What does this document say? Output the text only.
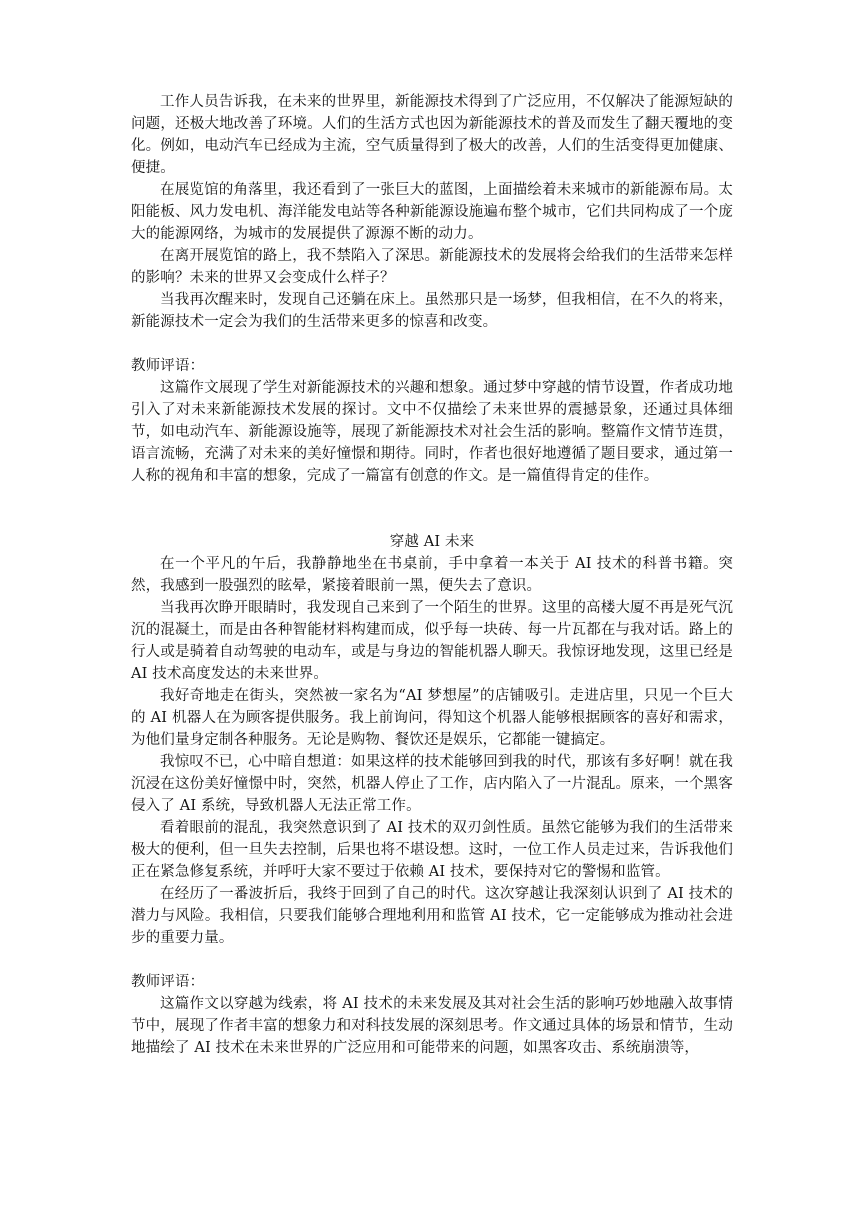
工作人员告诉我，在未来的世界里，新能源技术得到了广泛应用，不仅解决了能源短缺的问题，还极大地改善了环境。人们的生活方式也因为新能源技术的普及而发生了翻天覆地的变化。例如，电动汽车已经成为主流，空气质量得到了极大的改善，人们的生活变得更加健康、便捷。

在展览馆的角落里，我还看到了一张巨大的蓝图，上面描绘着未来城市的新能源布局。太阳能板、风力发电机、海洋能发电站等各种新能源设施遍布整个城市，它们共同构成了一个庞大的能源网络，为城市的发展提供了源源不断的动力。

在离开展览馆的路上，我不禁陷入了深思。新能源技术的发展将会给我们的生活带来怎样的影响？未来的世界又会变成什么样子？

当我再次醒来时，发现自己还躺在床上。虽然那只是一场梦，但我相信，在不久的将来，新能源技术一定会为我们的生活带来更多的惊喜和改变。

教师评语：

这篇作文展现了学生对新能源技术的兴趣和想象。通过梦中穿越的情节设置，作者成功地引入了对未来新能源技术发展的探讨。文中不仅描绘了未来世界的震撼景象，还通过具体细节，如电动汽车、新能源设施等，展现了新能源技术对社会生活的影响。整篇作文情节连贯，语言流畅，充满了对未来的美好憧憬和期待。同时，作者也很好地遵循了题目要求，通过第一人称的视角和丰富的想象，完成了一篇富有创意的作文。是一篇值得肯定的佳作。

穿越 AI 未来

在一个平凡的午后，我静静地坐在书桌前，手中拿着一本关于 AI 技术的科普书籍。突然，我感到一股强烈的眩晕，紧接着眼前一黑，便失去了意识。

当我再次睁开眼睛时，我发现自己来到了一个陌生的世界。这里的高楼大厦不再是死气沉沉的混凝土，而是由各种智能材料构建而成，似乎每一块砖、每一片瓦都在与我对话。路上的行人或是骑着自动驾驶的电动车，或是与身边的智能机器人聊天。我惊讶地发现，这里已经是 AI 技术高度发达的未来世界。

我好奇地走在街头，突然被一家名为“AI 梦想屋”的店铺吸引。走进店里，只见一个巨大的 AI 机器人在为顾客提供服务。我上前询问，得知这个机器人能够根据顾客的喜好和需求，为他们量身定制各种服务。无论是购物、餐饮还是娱乐，它都能一键搞定。

我惊叹不已，心中暗自想道：如果这样的技术能够回到我的时代，那该有多好啊！就在我沉浸在这份美好憧憬中时，突然，机器人停止了工作，店内陷入了一片混乱。原来，一个黑客侵入了 AI 系统，导致机器人无法正常工作。

看着眼前的混乱，我突然意识到了 AI 技术的双刃剑性质。虽然它能够为我们的生活带来极大的便利，但一旦失去控制，后果也将不堪设想。这时，一位工作人员走过来，告诉我他们正在紧急修复系统，并呼吁大家不要过于依赖 AI 技术，要保持对它的警惕和监管。

在经历了一番波折后，我终于回到了自己的时代。这次穿越让我深刻认识到了 AI 技术的潜力与风险。我相信，只要我们能够合理地利用和监管 AI 技术，它一定能够成为推动社会进步的重要力量。

教师评语：

这篇作文以穿越为线索，将 AI 技术的未来发展及其对社会生活的影响巧妙地融入故事情节中，展现了作者丰富的想象力和对科技发展的深刻思考。作文通过具体的场景和情节，生动地描绘了 AI 技术在未来世界的广泛应用和可能带来的问题，如黑客攻击、系统崩溃等，
